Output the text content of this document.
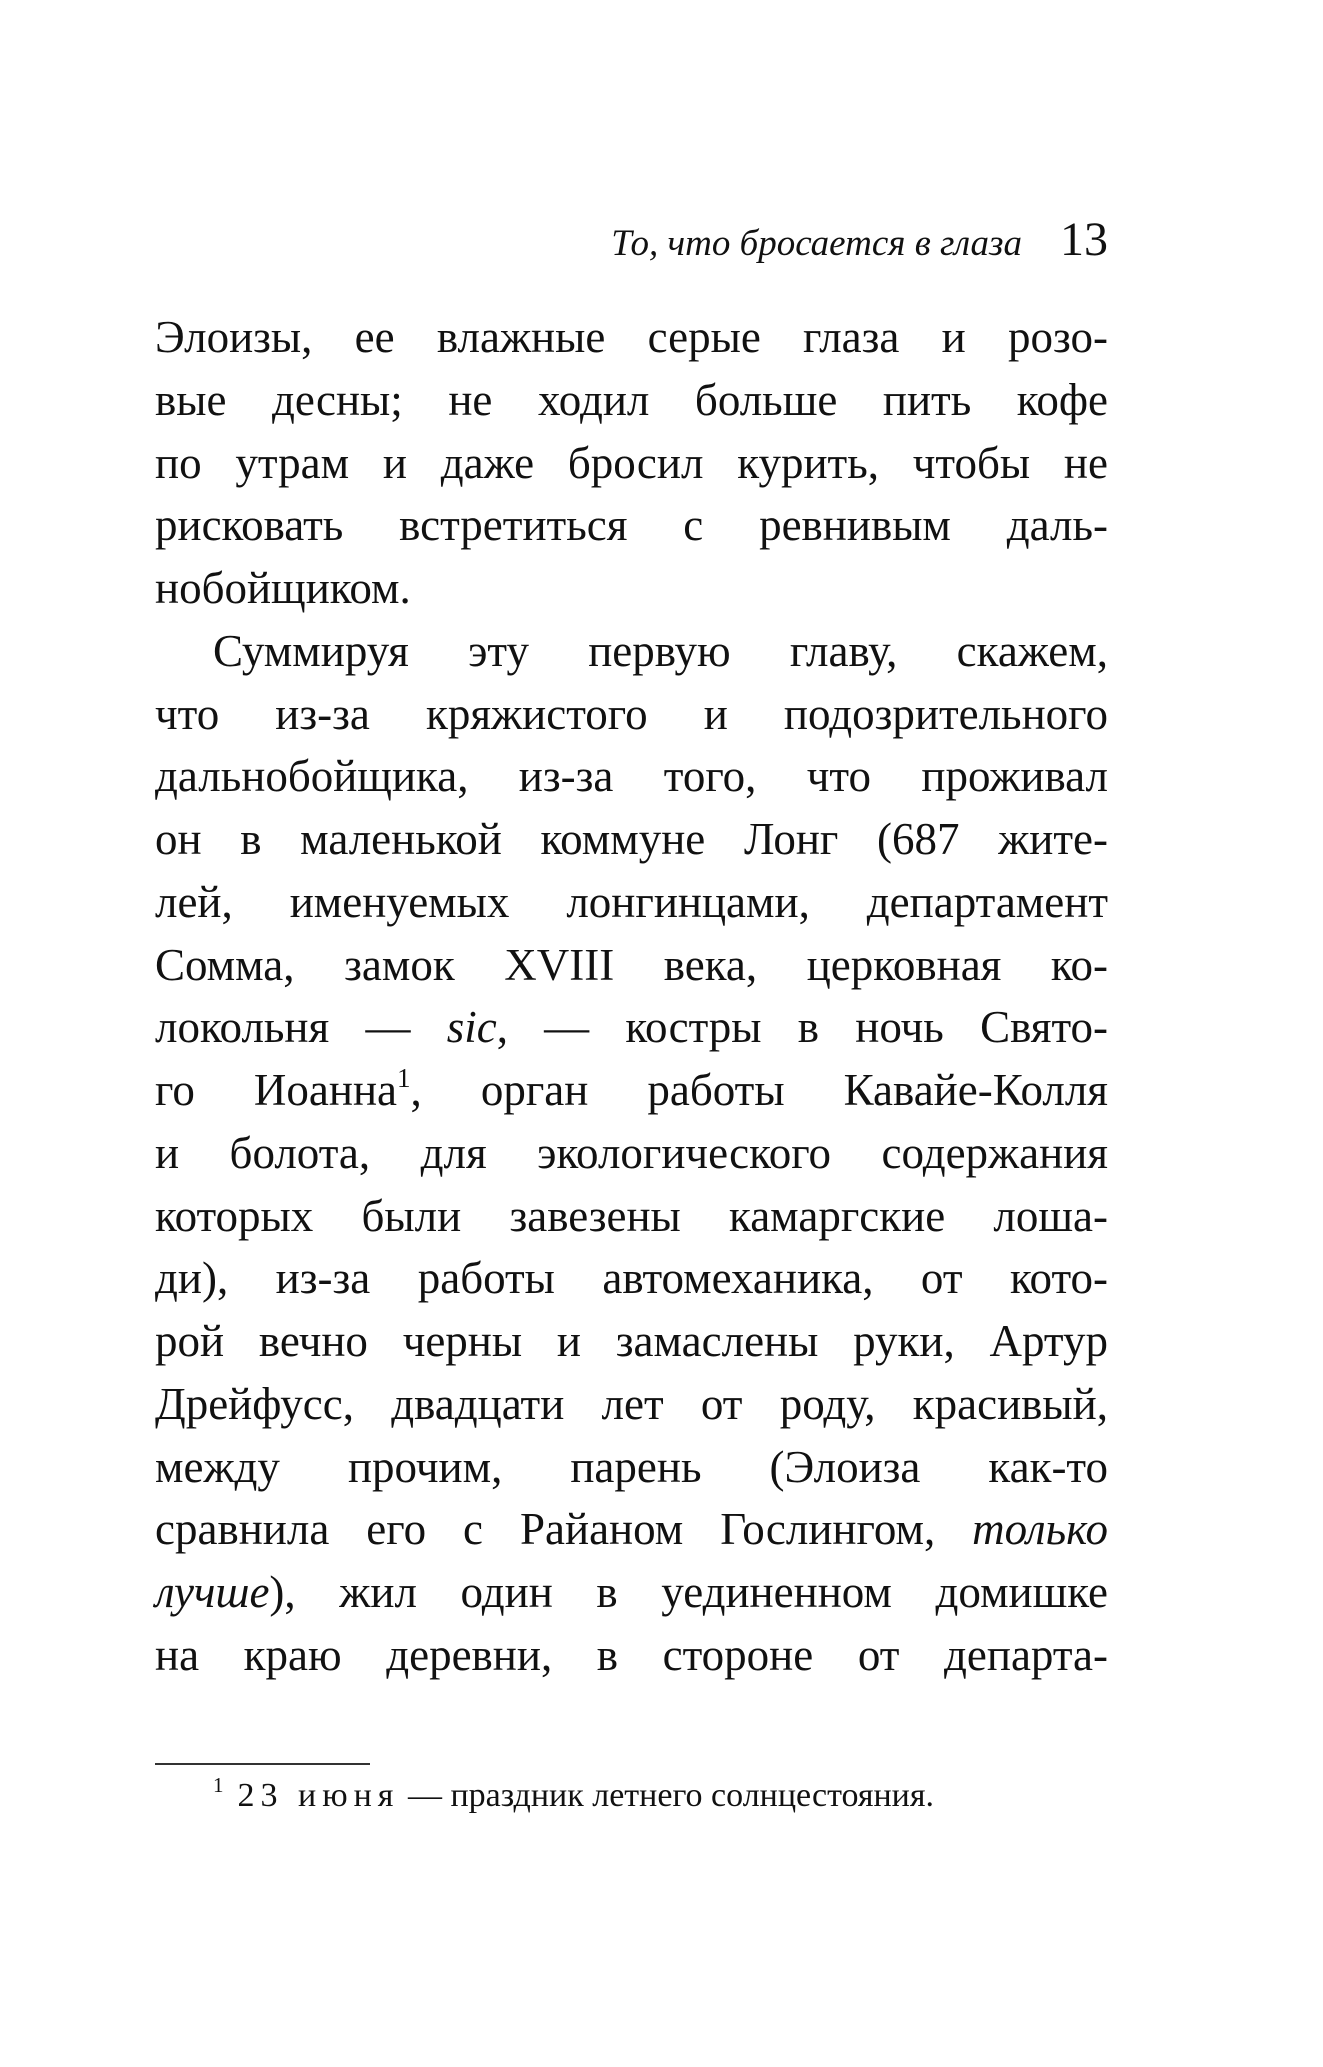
То, что бросается в глаза 13
Элоизы, ее влажные серые глаза и розо-
вые десны; не ходил больше пить кофе
по утрам и даже бросил курить, чтобы не
рисковать встретиться с ревнивым даль-
нобойщиком.
Суммируя эту первую главу, скажем,
что из-за кряжистого и подозрительного
дальнобойщика, из-за того, что проживал
он в маленькой коммуне Лонг (687 жите-
лей, именуемых лонгинцами, департамент
Сомма, замок XVIII века, церковная ко-
локольня — sic, — костры в ночь Свято-
го Иоанна$^1$, орган работы Кавайе-Колля
и болота, для экологического содержания
которых были завезены камаргские лоша-
ди), из-за работы автомеханика, от кото-
рой вечно черны и замаслены руки, Артур
Дрейфусс, двадцати лет от роду, красивый,
между прочим, парень (Элоиза как-то
сравнила его с Райаном Гослингом, только
лучше), жил один в уединенном домишке
на краю деревни, в стороне от департа-
$^1$ 23 июня — праздник летнего солнцестояния.
